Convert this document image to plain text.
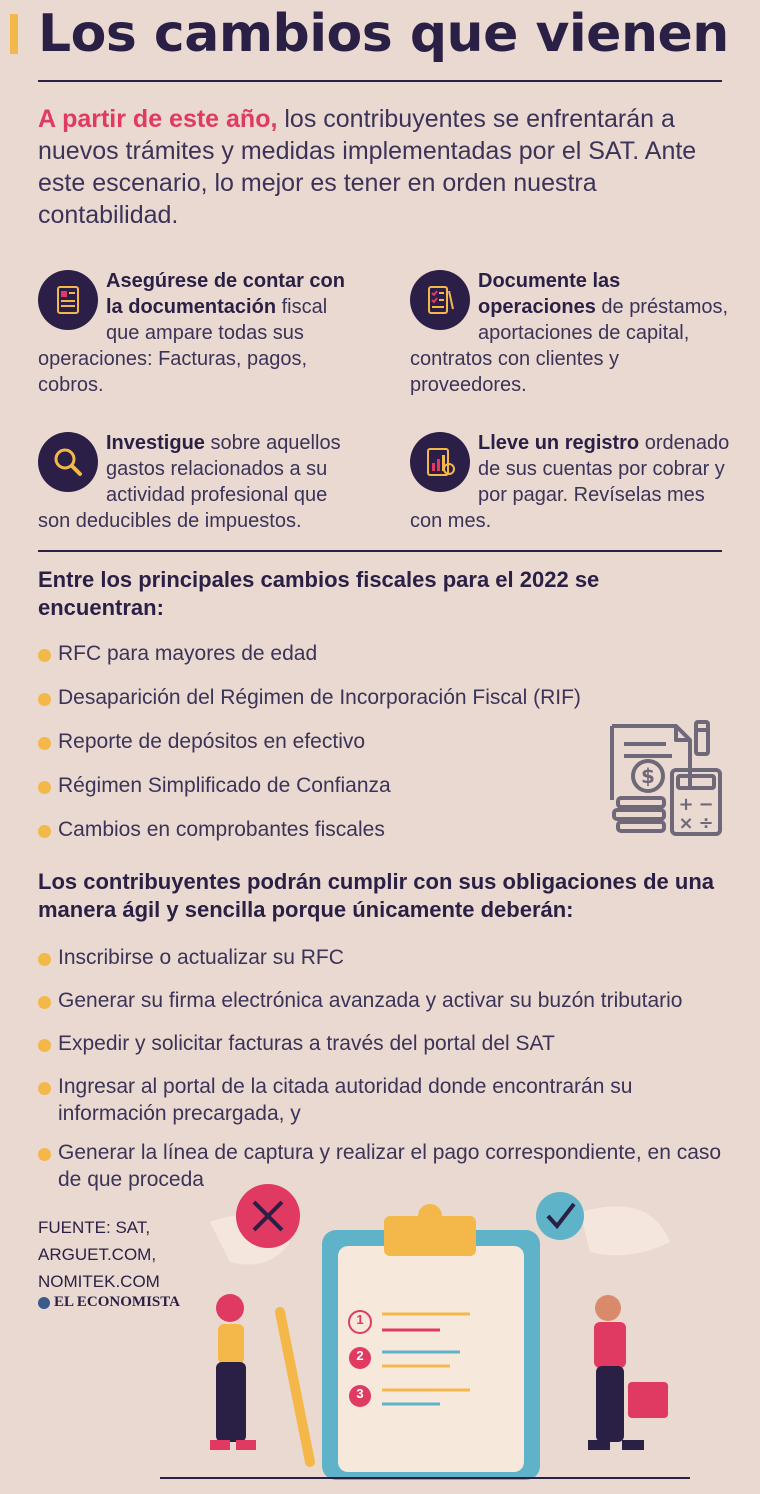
Los cambios que vienen

A partir de este año, los contribuyentes se enfrentarán a nuevos trámites y medidas implementadas por el SAT. Ante este escenario, lo mejor es tener en orden nuestra contabilidad.

Asegúrese de contar con la documentación fiscal que ampare todas sus operaciones: Facturas, pagos, cobros.
Documente las operaciones de préstamos, aportaciones de capital, contratos con clientes y proveedores.
Investigue sobre aquellos gastos relacionados a su actividad profesional que son deducibles de impuestos.
Lleve un registro ordenado de sus cuentas por cobrar y por pagar. Revíselas mes con mes.
Entre los principales cambios fiscales para el 2022 se encuentran:
RFC para mayores de edad
Desaparición del Régimen de Incorporación Fiscal (RIF)
Reporte de depósitos en efectivo
Régimen Simplificado de Confianza
Cambios en comprobantes fiscales
$
+ −
× ÷
Los contribuyentes podrán cumplir con sus obligaciones de una manera ágil y sencilla porque únicamente deberán:
Inscribirse o actualizar su RFC
Generar su firma electrónica avanzada y activar su buzón tributario
Expedir y solicitar facturas a través del portal del SAT
Ingresar al portal de la citada autoridad donde encontrarán su información precargada, y
Generar la línea de captura y realizar el pago correspondiente, en caso de que proceda
FUENTE: SAT,
ARGUET.COM,
NOMITEK.COM
EL ECONOMISTA
1
2
3
